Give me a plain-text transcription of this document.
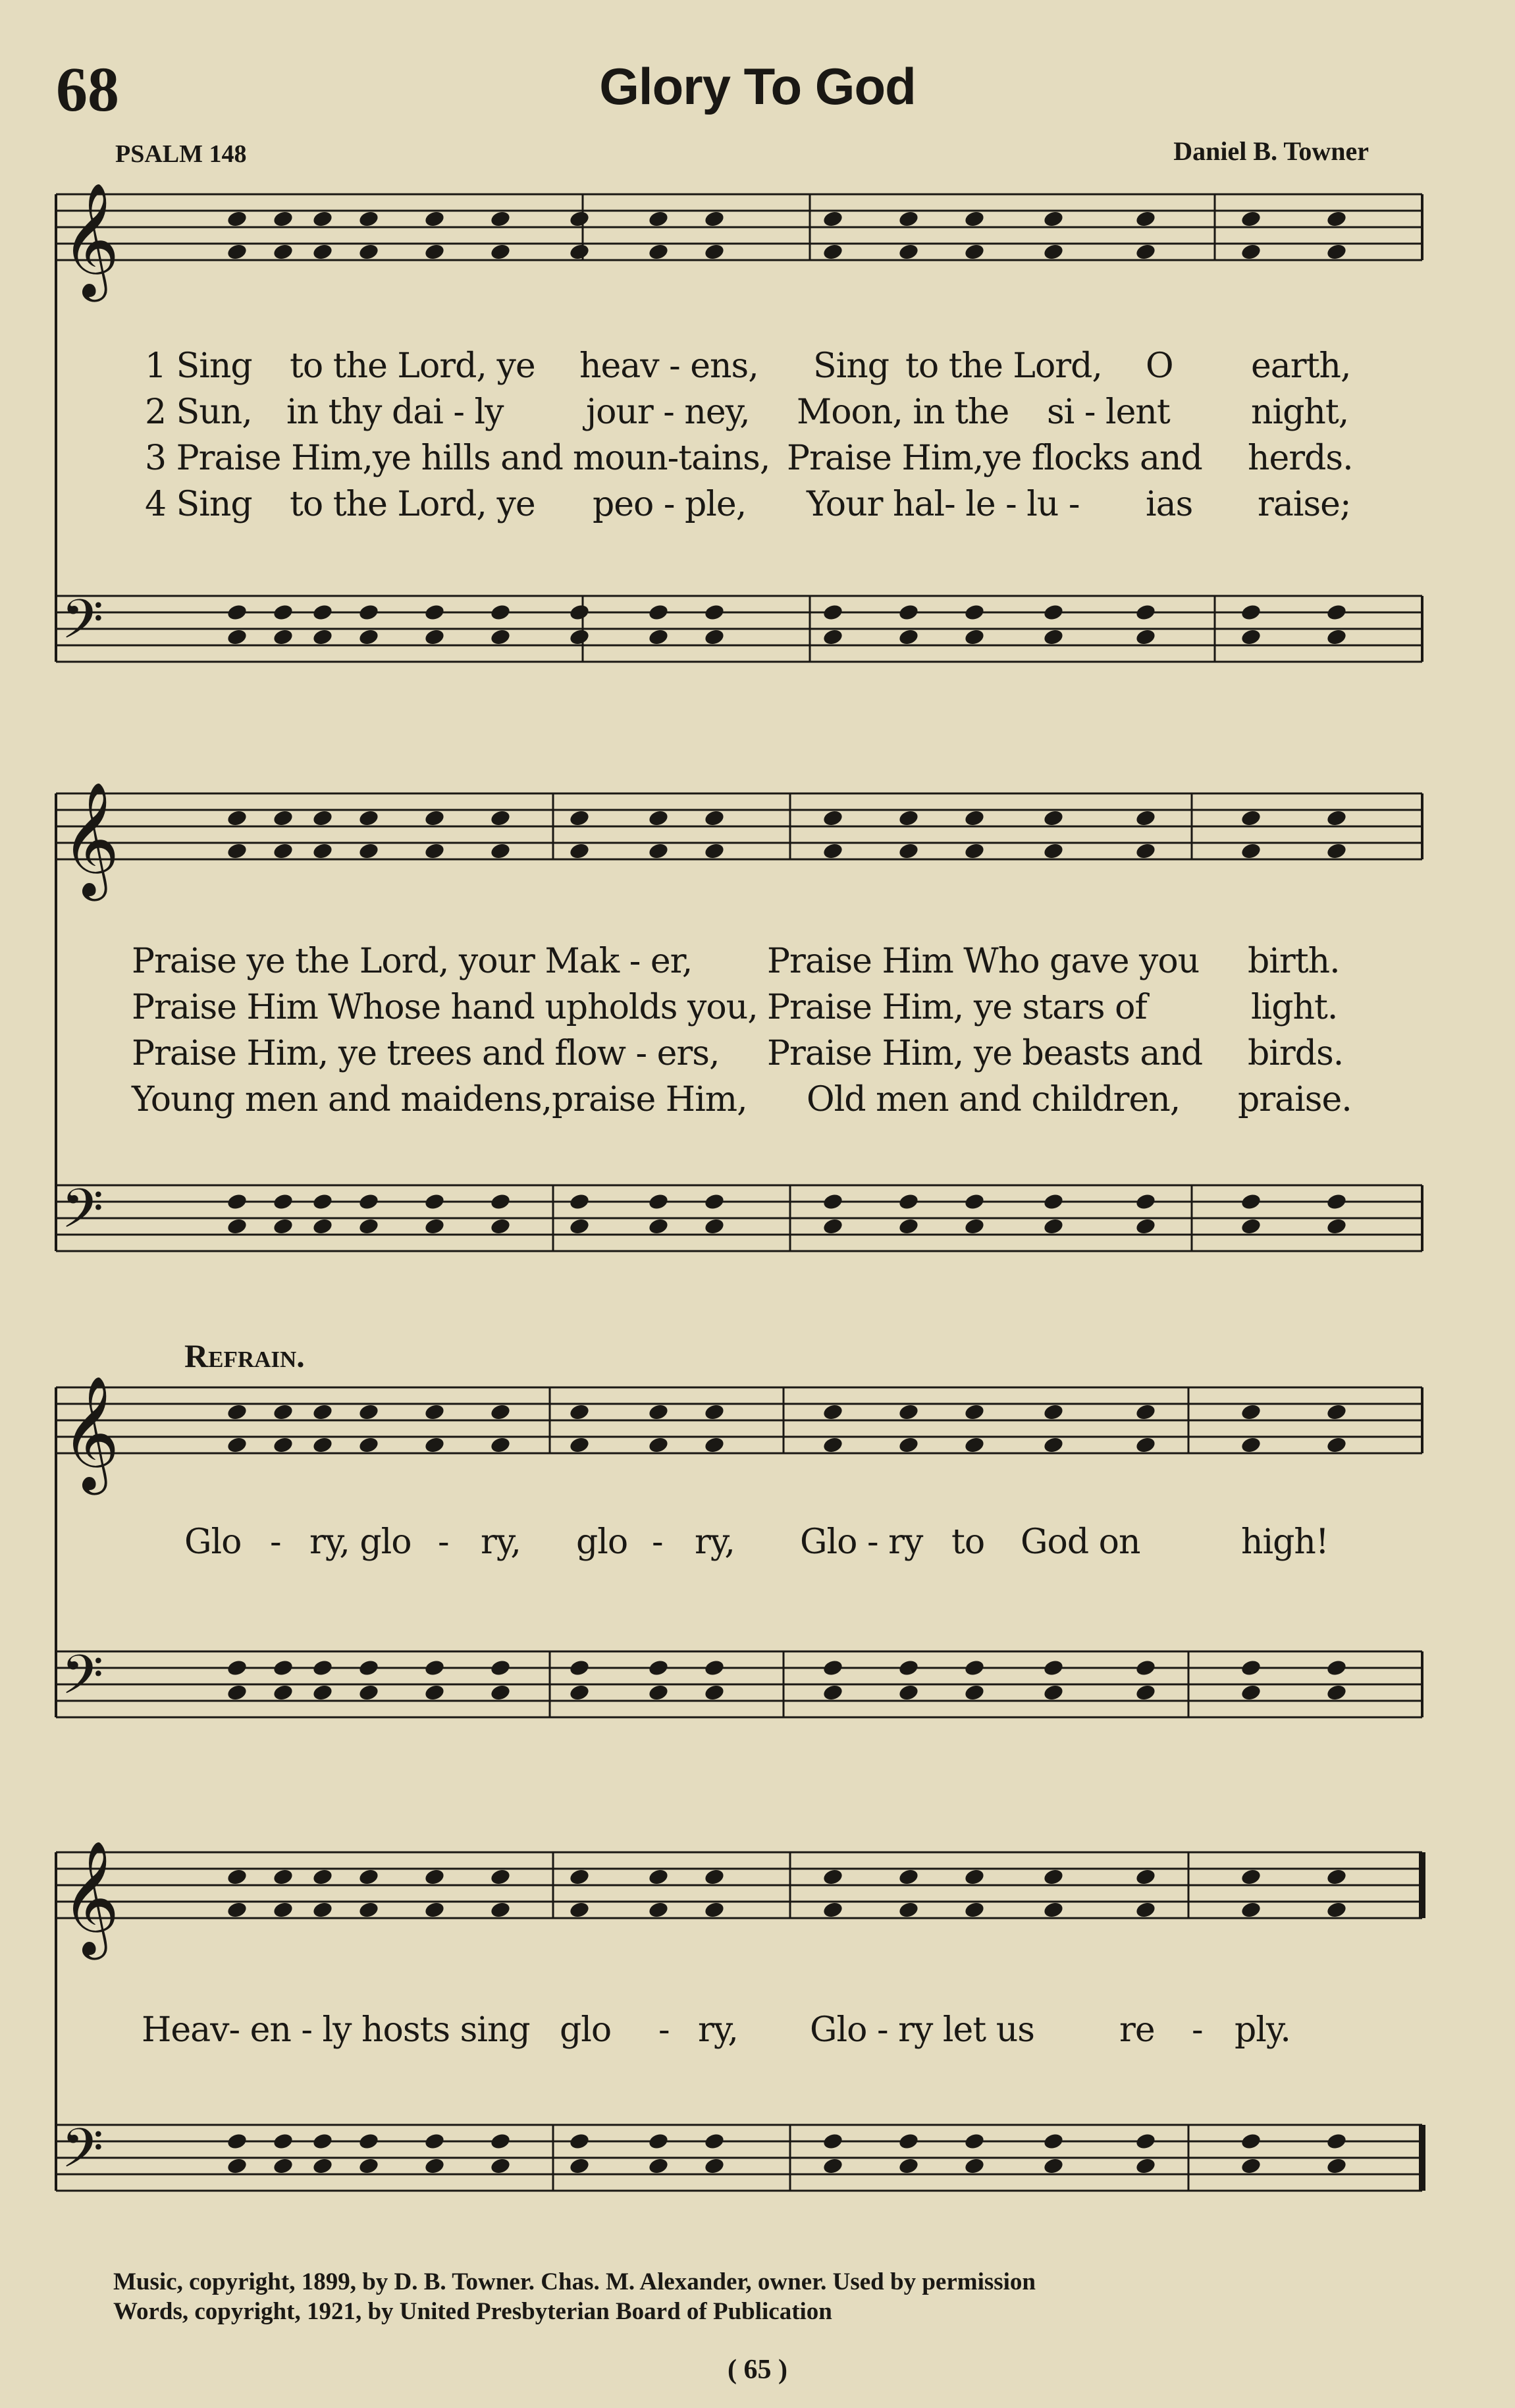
68	Glory To God
PSALM 148	Daniel B. Towner
𝄞
𝄢
𝄞
𝄢
𝄞
𝄢
𝄞
𝄢
1 Sing to the Lord, ye heav - ens, Sing to the Lord, O earth,
2 Sun, in thy dai - ly jour - ney, Moon, in the si - lent night,
3 Praise Him,ye hills and moun-tains, Praise Him,ye flocks and herds.
4 Sing to the Lord, ye peo - ple, Your hal- le - lu - ias raise;
Praise ye the Lord, your Mak - er, Praise Him Who gave you birth.
Praise Him Whose hand upholds you, Praise Him, ye stars of	light.
Praise Him, ye trees and flow - ers, Praise Him, ye beasts and birds.
Young men and maidens,praise Him, Old men and children, praise.
Refrain.
Glo - ry, glo - ry, glo - ry, Glo - ry to God on	high!
Heav- en - ly hosts sing glo - ry, Glo - ry let us re - ply.
Music, copyright, 1899, by D. B. Towner. Chas. M. Alexander, owner. Used by permission
Words, copyright, 1921, by United Presbyterian Board of Publication
( 65 )
